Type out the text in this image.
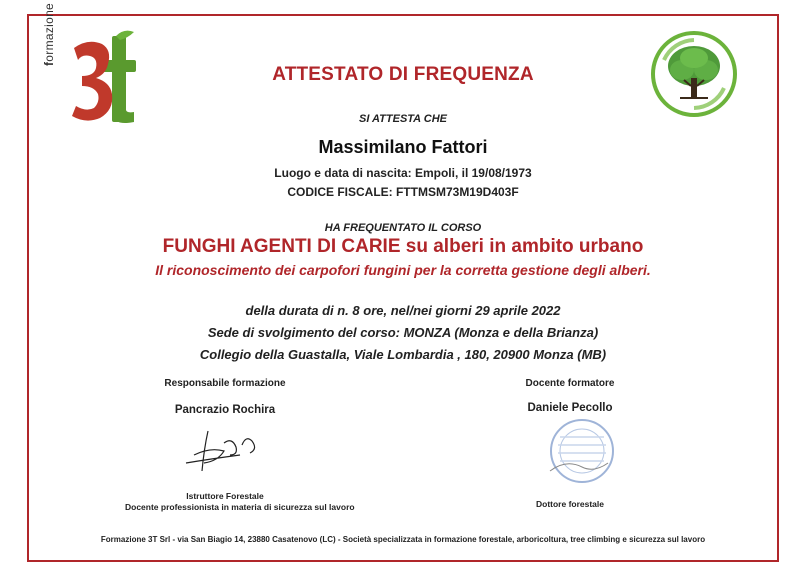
formazione
ATTESTATO DI FREQUENZA
SI ATTESTA CHE
Massimilano Fattori
Luogo e data di nascita: Empoli, il 19/08/1973
CODICE FISCALE: FTTMSM73M19D403F
HA FREQUENTATO IL CORSO
FUNGHI AGENTI DI CARIE su alberi in ambito urbano
Il riconoscimento dei carpofori fungini per la corretta gestione degli alberi.
della durata di n. 8 ore, nel/nei giorni 29 aprile 2022
Sede di svolgimento del corso: MONZA (Monza e della Brianza)
Collegio della Guastalla, Viale Lombardia , 180, 20900 Monza (MB)
Responsabile formazione
Pancrazio Rochira
Istruttore Forestale
Docente professionista in materia di sicurezza sul lavoro
Docente formatore
Daniele Pecollo
Dottore forestale
Formazione 3T Srl - via San Biagio 14, 23880 Casatenovo (LC) - Società specializzata in formazione forestale, arboricoltura, tree climbing e sicurezza sul lavoro
